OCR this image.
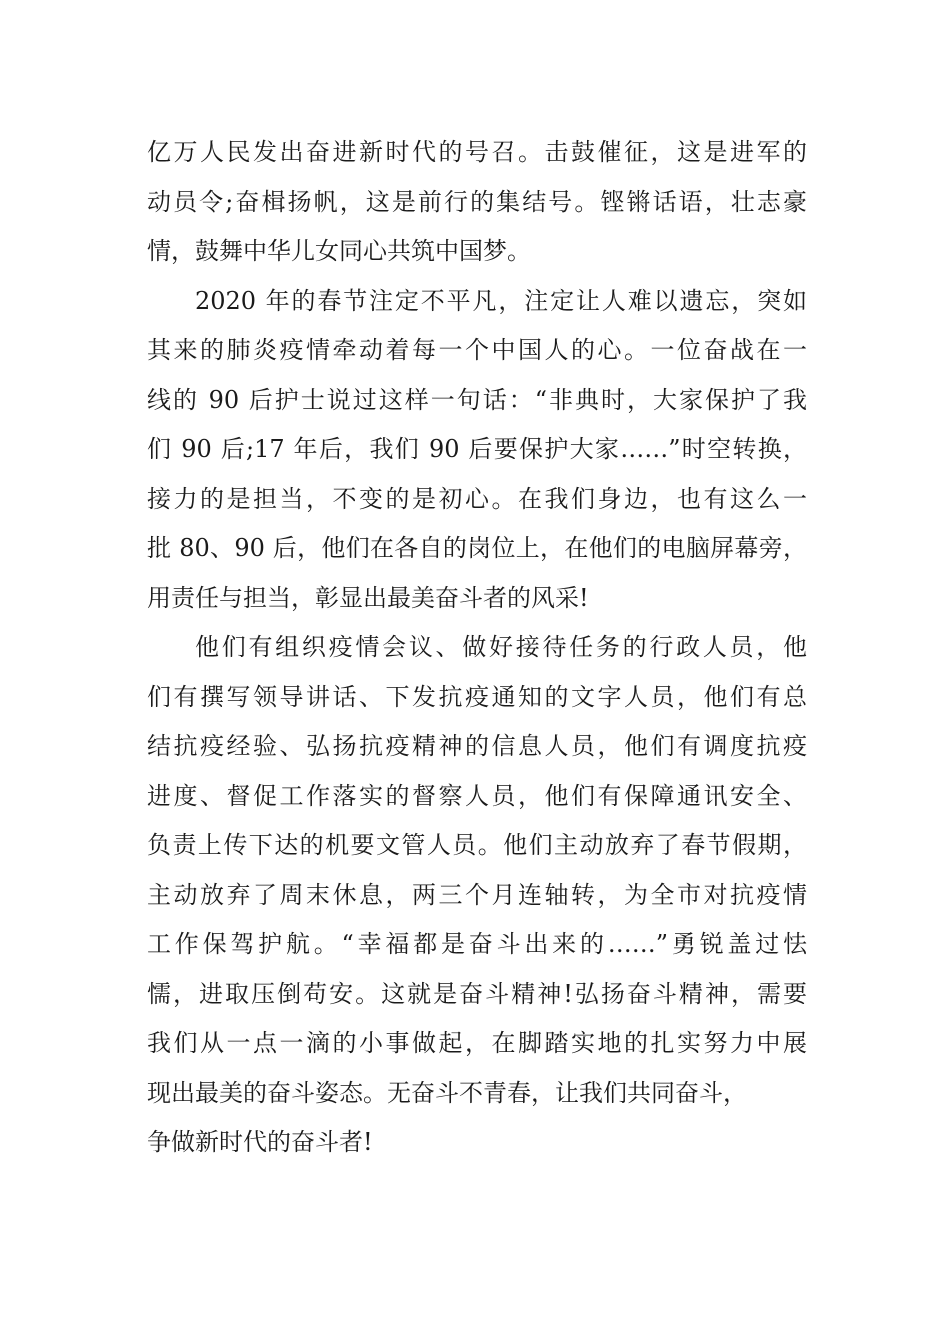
亿万人民发出奋进新时代的号召。击鼓催征，这是进军的
动员令;奋楫扬帆，这是前行的集结号。铿锵话语，壮志豪
情，鼓舞中华儿女同心共筑中国梦。
2020 年的春节注定不平凡，注定让人难以遗忘，突如
其来的肺炎疫情牵动着每一个中国人的心。一位奋战在一
线的 90 后护士说过这样一句话：“非典时，大家保护了我
们 90 后;17 年后，我们 90 后要保护大家……”时空转换，
接力的是担当，不变的是初心。在我们身边，也有这么一
批 80、90 后，他们在各自的岗位上，在他们的电脑屏幕旁，
用责任与担当，彰显出最美奋斗者的风采!
他们有组织疫情会议、做好接待任务的行政人员，他
们有撰写领导讲话、下发抗疫通知的文字人员，他们有总
结抗疫经验、弘扬抗疫精神的信息人员，他们有调度抗疫
进度、督促工作落实的督察人员，他们有保障通讯安全、
负责上传下达的机要文管人员。他们主动放弃了春节假期，
主动放弃了周末休息，两三个月连轴转，为全市对抗疫情
工作保驾护航。“幸福都是奋斗出来的……”勇锐盖过怯
懦，进取压倒苟安。这就是奋斗精神!弘扬奋斗精神，需要
我们从一点一滴的小事做起，在脚踏实地的扎实努力中展
现出最美的奋斗姿态。无奋斗不青春，让我们共同奋斗，
争做新时代的奋斗者!
